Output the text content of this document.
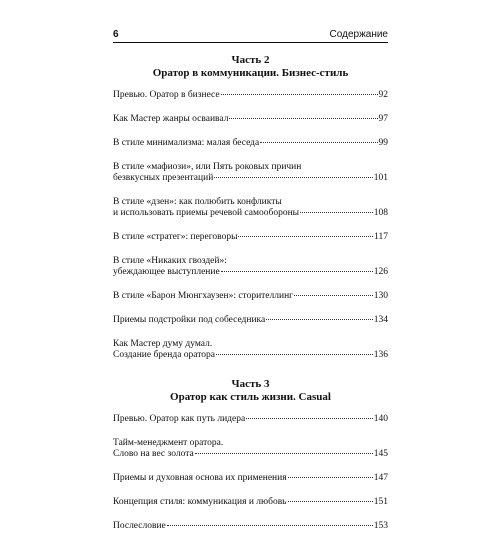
6	Содержание
Часть 2
Оратор в коммуникации. Бизнес-стиль
Превью. Оратор в бизнесе	92
Как Мастер жанры осваивал	97
В стиле минимализма: малая беседа	99
В стиле «мафиози», или Пять роковых причин
безвкусных презентаций	101
В стиле «дзен»: как полюбить конфликты
и использовать приемы речевой самообороны	108
В стиле «стратег»: переговоры	117
В стиле «Никаких гвоздей»:
убеждающее выступление	126
В стиле «Барон Мюнгхаузен»: сторителлинг	130
Приемы подстройки под собеседника	134
Как Мастер думу думал.
Создание бренда оратора	136
Часть 3
Оратор как стиль жизни. Casual
Превью. Оратор как путь лидера	140
Тайм-менеджмент оратора.
Слово на вес золота	145
Приемы и духовная основа их применения	147
Концепция стиля: коммуникация и любовь	151
Послесловие	153
